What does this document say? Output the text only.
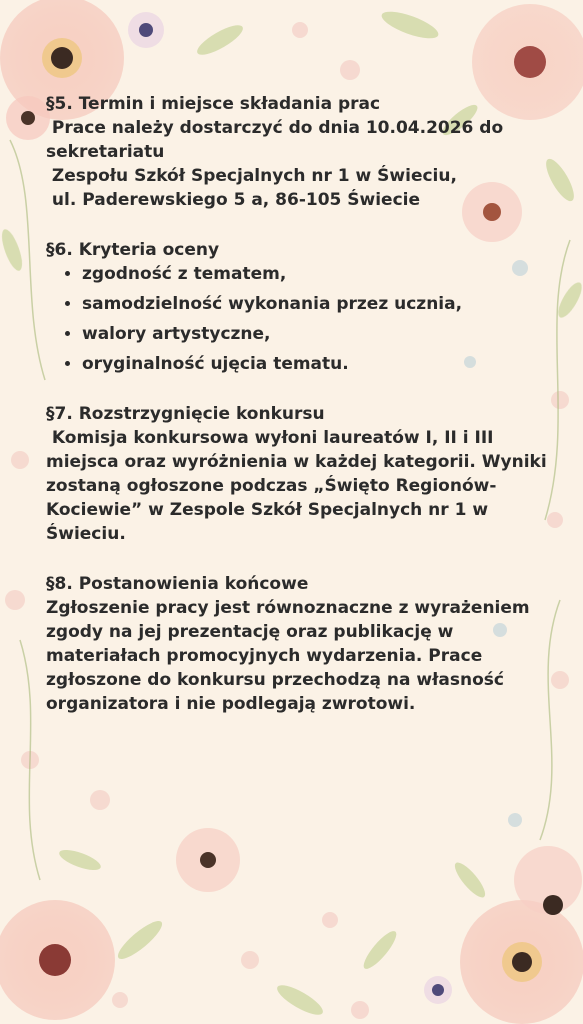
§5. Termin i miejsce składania prac

Prace należy dostarczyć do dnia 10.04.2026 do sekretariatu

Zespołu Szkół Specjalnych nr 1 w Świeciu,

ul. Paderewskiego 5 a, 86-105 Świecie

§6. Kryteria oceny

• zgodność z tematem,
• samodzielność wykonania przez ucznia,
• walory artystyczne,
• oryginalność ujęcia tematu.

§7. Rozstrzygnięcie konkursu

Komisja konkursowa wyłoni laureatów I, II i III miejsca oraz wyróżnienia w każdej kategorii. Wyniki zostaną ogłoszone podczas „Święto Regionów- Kociewie” w Zespole Szkół Specjalnych nr 1 w Świeciu.

§8. Postanowienia końcowe

Zgłoszenie pracy jest równoznaczne z wyrażeniem zgody na jej prezentację oraz publikację w materiałach promocyjnych wydarzenia. Prace zgłoszone do konkursu przechodzą na własność organizatora i nie podlegają zwrotowi.
